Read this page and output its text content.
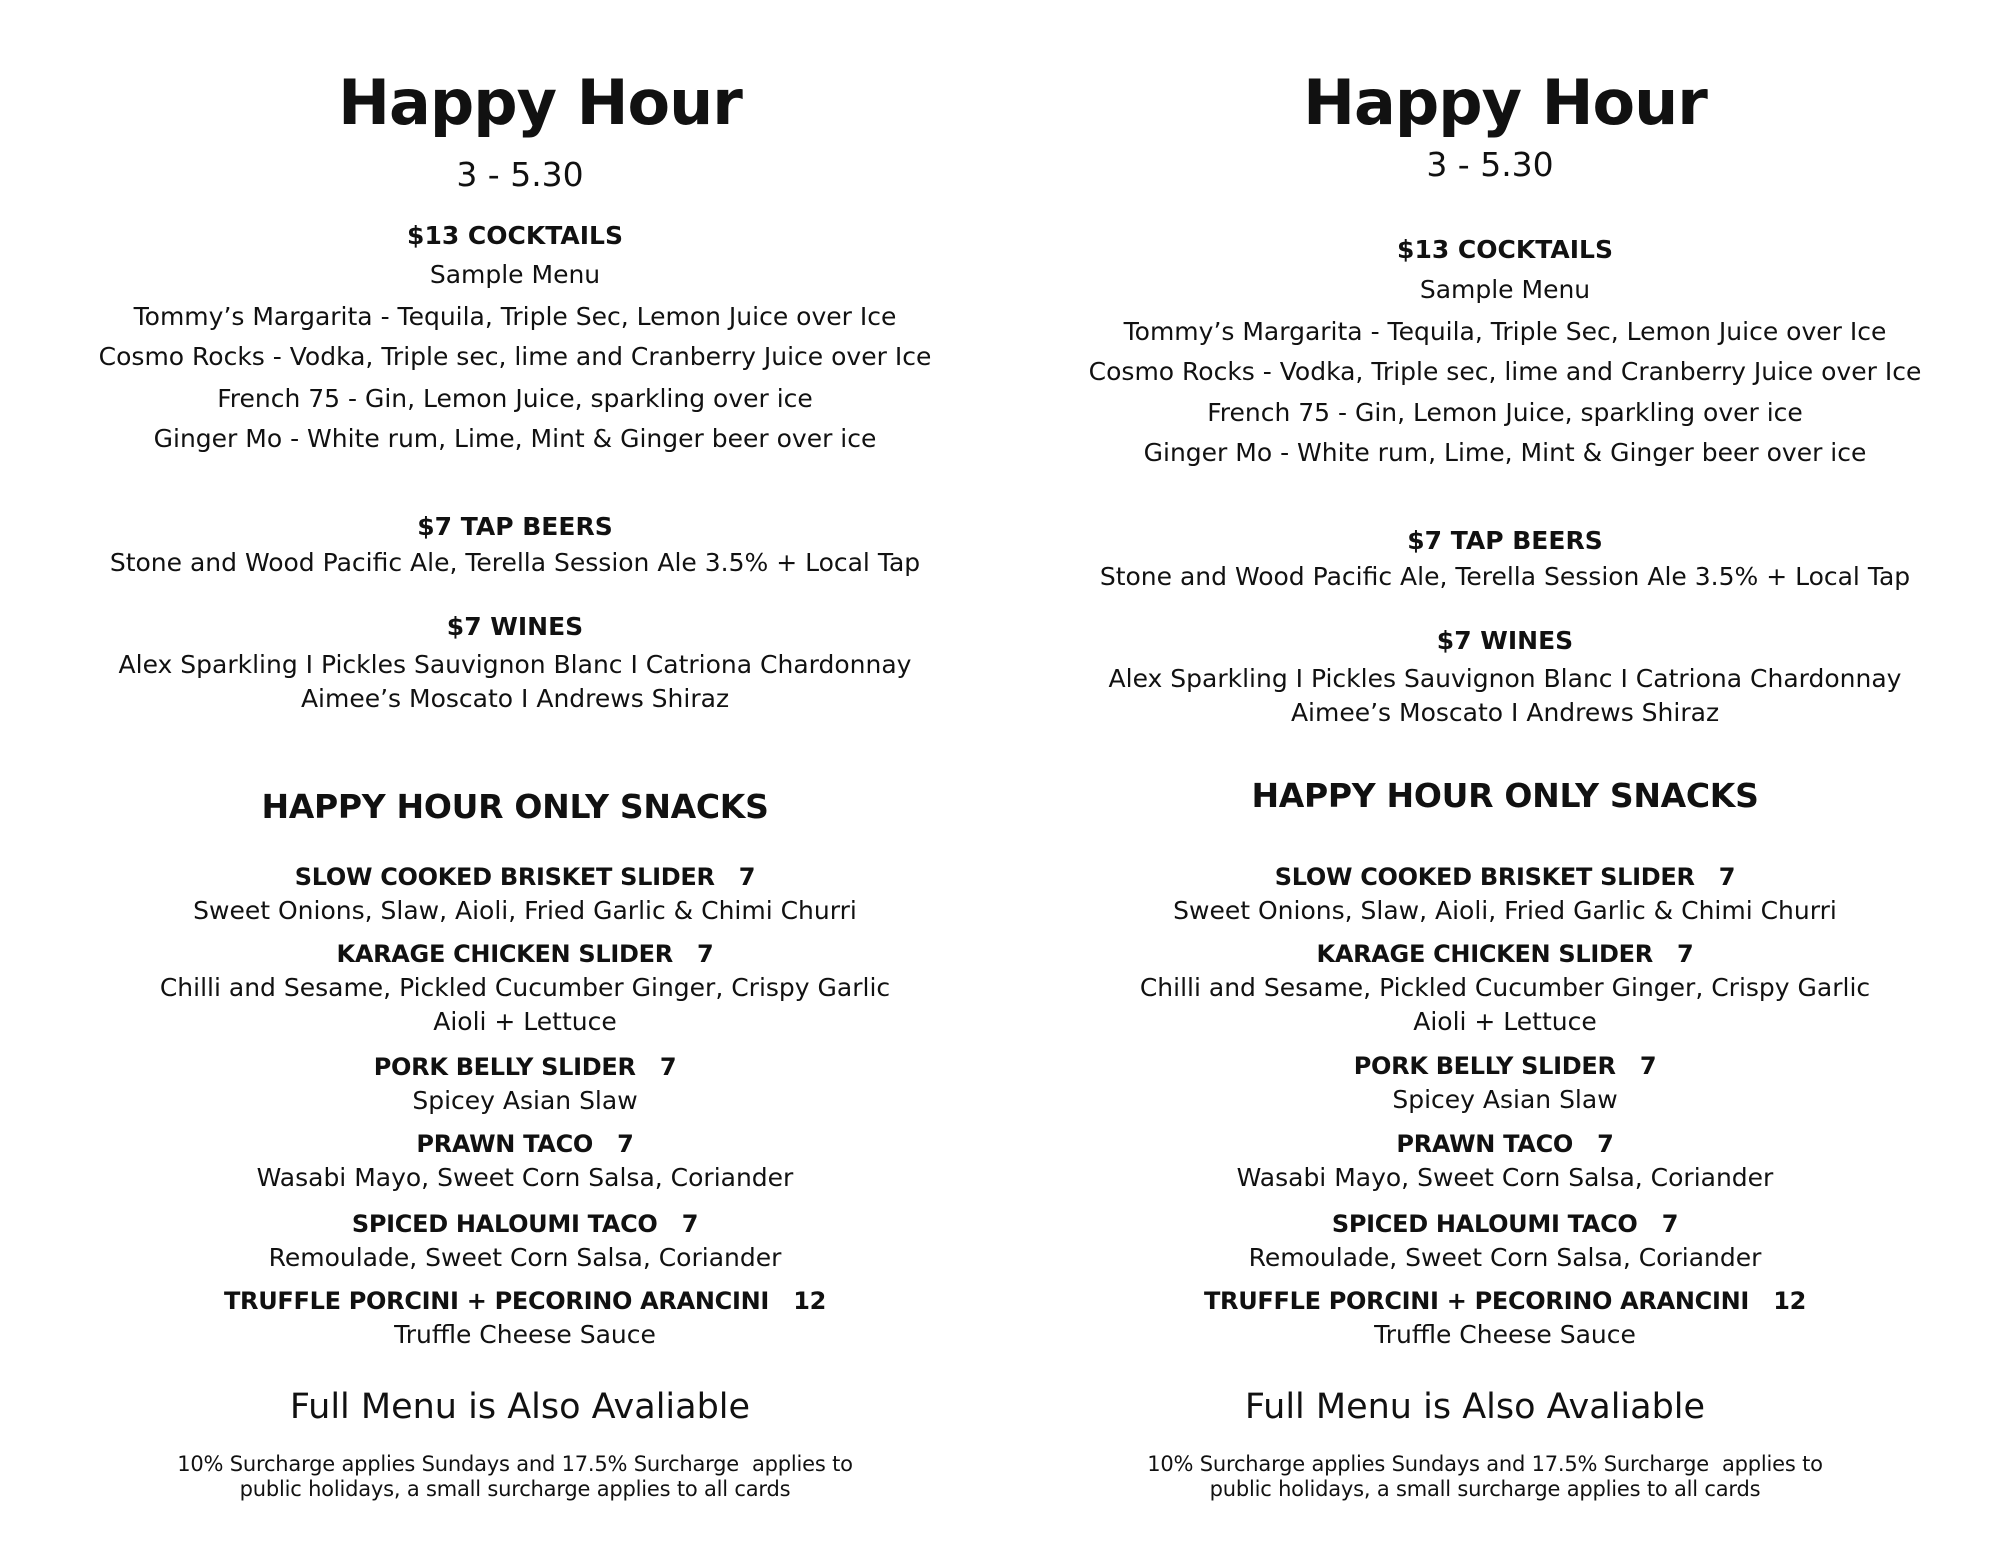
Happy Hour
3 - 5.30
$13 COCKTAILS
Sample Menu
Tommy’s Margarita - Tequila, Triple Sec, Lemon Juice over Ice
Cosmo Rocks - Vodka, Triple sec, lime and Cranberry Juice over Ice
French 75 - Gin, Lemon Juice, sparkling over ice
Ginger Mo - White rum, Lime, Mint & Ginger beer over ice
$7 TAP BEERS
Stone and Wood Pacific Ale, Terella Session Ale 3.5% + Local Tap
$7 WINES
Alex Sparkling I Pickles Sauvignon Blanc I Catriona Chardonnay
Aimee’s Moscato I Andrews Shiraz
HAPPY HOUR ONLY SNACKS
SLOW COOKED BRISKET SLIDER   7
Sweet Onions, Slaw, Aioli, Fried Garlic & Chimi Churri
KARAGE CHICKEN SLIDER   7
Chilli and Sesame, Pickled Cucumber Ginger, Crispy Garlic
Aioli + Lettuce
PORK BELLY SLIDER   7
Spicey Asian Slaw
PRAWN TACO   7
Wasabi Mayo, Sweet Corn Salsa, Coriander
SPICED HALOUMI TACO   7
Remoulade, Sweet Corn Salsa, Coriander
TRUFFLE PORCINI + PECORINO ARANCINI   12
Truffle Cheese Sauce
Full Menu is Also Avaliable
10% Surcharge applies Sundays and 17.5% Surcharge  applies to
public holidays, a small surcharge applies to all cards
Happy Hour
3 - 5.30
$13 COCKTAILS
Sample Menu
Tommy’s Margarita - Tequila, Triple Sec, Lemon Juice over Ice
Cosmo Rocks - Vodka, Triple sec, lime and Cranberry Juice over Ice
French 75 - Gin, Lemon Juice, sparkling over ice
Ginger Mo - White rum, Lime, Mint & Ginger beer over ice
$7 TAP BEERS
Stone and Wood Pacific Ale, Terella Session Ale 3.5% + Local Tap
$7 WINES
Alex Sparkling I Pickles Sauvignon Blanc I Catriona Chardonnay
Aimee’s Moscato I Andrews Shiraz
HAPPY HOUR ONLY SNACKS
SLOW COOKED BRISKET SLIDER   7
Sweet Onions, Slaw, Aioli, Fried Garlic & Chimi Churri
KARAGE CHICKEN SLIDER   7
Chilli and Sesame, Pickled Cucumber Ginger, Crispy Garlic
Aioli + Lettuce
PORK BELLY SLIDER   7
Spicey Asian Slaw
PRAWN TACO   7
Wasabi Mayo, Sweet Corn Salsa, Coriander
SPICED HALOUMI TACO   7
Remoulade, Sweet Corn Salsa, Coriander
TRUFFLE PORCINI + PECORINO ARANCINI   12
Truffle Cheese Sauce
Full Menu is Also Avaliable
10% Surcharge applies Sundays and 17.5% Surcharge  applies to
public holidays, a small surcharge applies to all cards
